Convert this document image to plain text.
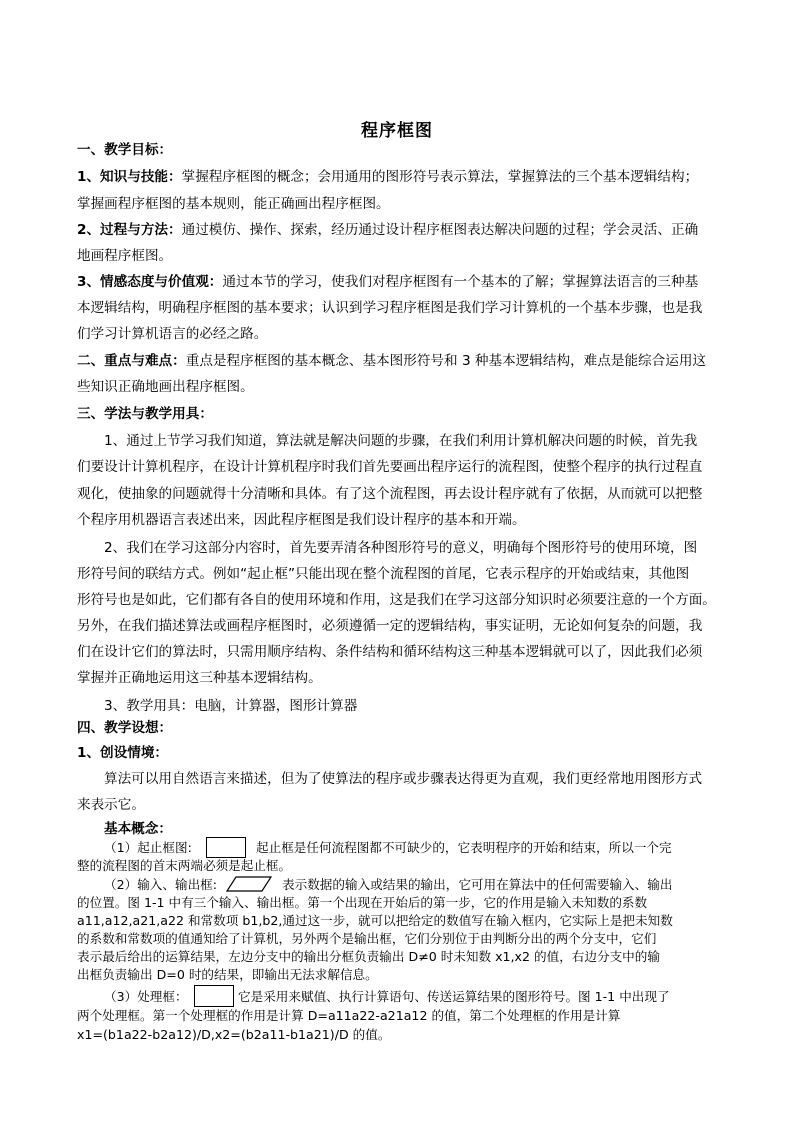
程序框图
一、教学目标：
1、知识与技能：掌握程序框图的概念；会用通用的图形符号表示算法，掌握算法的三个基本逻辑结构；
掌握画程序框图的基本规则，能正确画出程序框图。
2、过程与方法：通过模仿、操作、探索，经历通过设计程序框图表达解决问题的过程；学会灵活、正确
地画程序框图。
3、情感态度与价值观：通过本节的学习，使我们对程序框图有一个基本的了解；掌握算法语言的三种基
本逻辑结构，明确程序框图的基本要求；认识到学习程序框图是我们学习计算机的一个基本步骤，也是我
们学习计算机语言的必经之路。
二、重点与难点：重点是程序框图的基本概念、基本图形符号和 3 种基本逻辑结构，难点是能综合运用这
些知识正确地画出程序框图。
三、学法与教学用具：
1、通过上节学习我们知道，算法就是解决问题的步骤，在我们利用计算机解决问题的时候，首先我
们要设计计算机程序，在设计计算机程序时我们首先要画出程序运行的流程图，使整个程序的执行过程直
观化，使抽象的问题就得十分清晰和具体。有了这个流程图，再去设计程序就有了依据，从而就可以把整
个程序用机器语言表述出来，因此程序框图是我们设计程序的基本和开端。
2、我们在学习这部分内容时，首先要弄清各种图形符号的意义，明确每个图形符号的使用环境，图
形符号间的联结方式。例如“起止框”只能出现在整个流程图的首尾，它表示程序的开始或结束，其他图
形符号也是如此，它们都有各自的使用环境和作用，这是我们在学习这部分知识时必须要注意的一个方面。
另外，在我们描述算法或画程序框图时，必须遵循一定的逻辑结构，事实证明，无论如何复杂的问题，我
们在设计它们的算法时，只需用顺序结构、条件结构和循环结构这三种基本逻辑就可以了，因此我们必须
掌握并正确地运用这三种基本逻辑结构。
3、教学用具：电脑，计算器，图形计算器
四、教学设想：
1、创设情境：
算法可以用自然语言来描述，但为了使算法的程序或步骤表达得更为直观，我们更经常地用图形方式
来表示它。
基本概念：
（1）起止框图:	起止框是任何流程图都不可缺少的，它表明程序的开始和结束，所以一个完
整的流程图的首末两端必须是起止框。
（2）输入、输出框:	表示数据的输入或结果的输出，它可用在算法中的任何需要输入、输出
的位置。图 1-1 中有三个输入、输出框。第一个出现在开始后的第一步，它的作用是输入未知数的系数
a11,a12,a21,a22 和常数项 b1,b2,通过这一步，就可以把给定的数值写在输入框内，它实际上是把未知数
的系数和常数项的值通知给了计算机，另外两个是输出框，它们分别位于由判断分出的两个分支中，它们
表示最后给出的运算结果，左边分支中的输出分框负责输出 D≠0 时未知数 x1,x2 的值，右边分支中的输
出框负责输出 D=0 时的结果，即输出无法求解信息。
（3）处理框：	它是采用来赋值、执行计算语句、传送运算结果的图形符号。图 1-1 中出现了
两个处理框。第一个处理框的作用是计算 D=a11a22-a21a12 的值，第二个处理框的作用是计算
x1=(b1a22-b2a12)/D,x2=(b2a11-b1a21)/D 的值。
